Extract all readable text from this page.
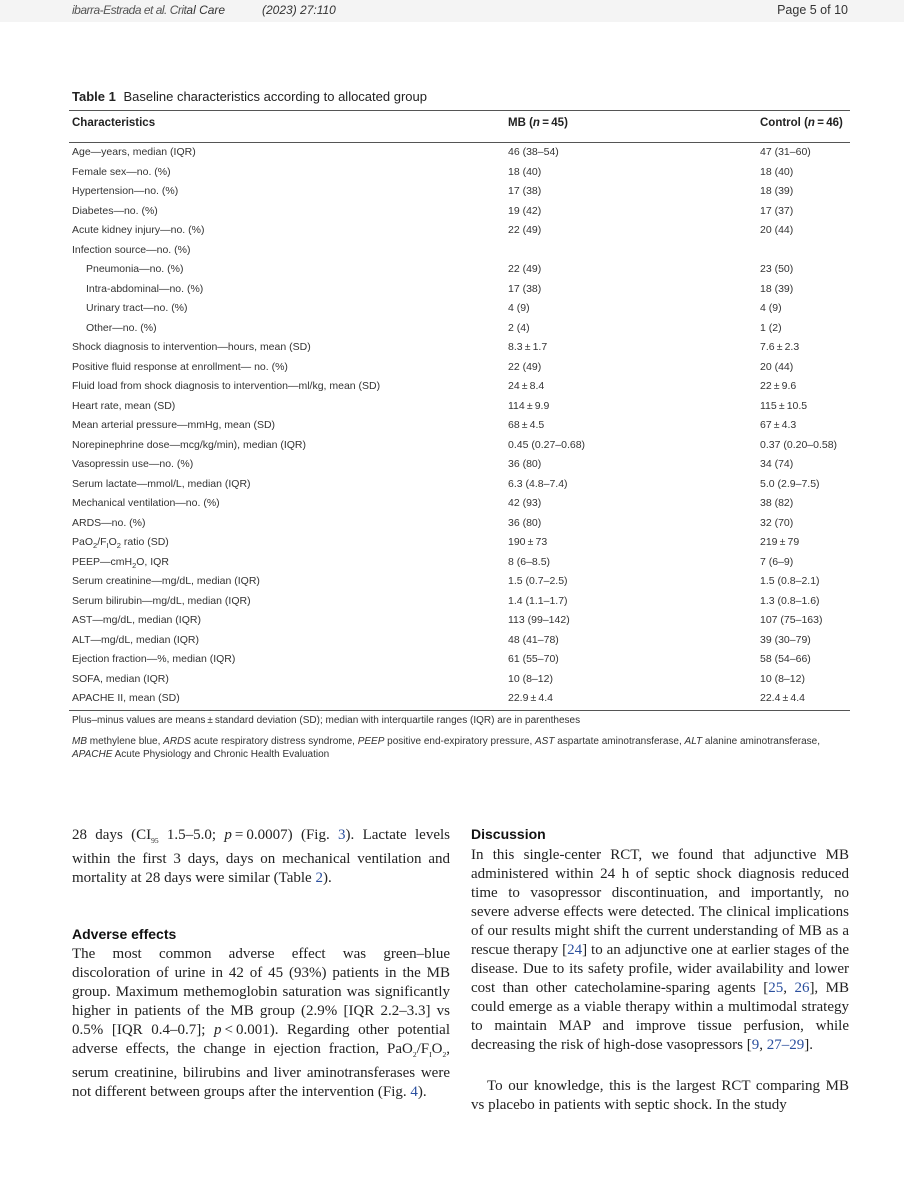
ibarra-Estrada et al. Crital Care	(2023) 27:110	Page 5 of 10
Table 1 Baseline characteristics according to allocated group
Characteristics	MB (n = 45)	Control (n = 46)
Age—years, median (IQR)	46 (38–54)	47 (31–60)
Female sex—no. (%)	18 (40)	18 (40)
Hypertension—no. (%)	17 (38)	18 (39)
Diabetes—no. (%)	19 (42)	17 (37)
Acute kidney injury—no. (%)	22 (49)	20 (44)
Infection source—no. (%)
Pneumonia—no. (%)	22 (49)	23 (50)
Intra-abdominal—no. (%)	17 (38)	18 (39)
Urinary tract—no. (%)	4 (9)	4 (9)
Other—no. (%)	2 (4)	1 (2)
Shock diagnosis to intervention—hours, mean (SD)	8.3 ± 1.7	7.6 ± 2.3
Positive fluid response at enrollment— no. (%)	22 (49)	20 (44)
Fluid load from shock diagnosis to intervention—ml/kg, mean (SD)	24 ± 8.4	22 ± 9.6
Heart rate, mean (SD)	114 ± 9.9	115 ± 10.5
Mean arterial pressure—mmHg, mean (SD)	68 ± 4.5	67 ± 4.3
Norepinephrine dose—mcg/kg/min), median (IQR)	0.45 (0.27–0.68)	0.37 (0.20–0.58)
Vasopressin use—no. (%)	36 (80)	34 (74)
Serum lactate—mmol/L, median (IQR)	6.3 (4.8–7.4)	5.0 (2.9–7.5)
Mechanical ventilation—no. (%)	42 (93)	38 (82)
ARDS—no. (%)	36 (80)	32 (70)
$PaO_2/F_IO_2$ ratio (SD)	190 ± 73	219 ± 79
PEEP—cmH$_2$O, IQR	8 (6–8.5)	7 (6–9)
Serum creatinine—mg/dL, median (IQR)	1.5 (0.7–2.5)	1.5 (0.8–2.1)
Serum bilirubin—mg/dL, median (IQR)	1.4 (1.1–1.7)	1.3 (0.8–1.6)
AST—mg/dL, median (IQR)	113 (99–142)	107 (75–163)
ALT—mg/dL, median (IQR)	48 (41–78)	39 (30–79)
Ejection fraction—%, median (IQR)	61 (55–70)	58 (54–66)
SOFA, median (IQR)	10 (8–12)	10 (8–12)
APACHE II, mean (SD)	22.9 ± 4.4	22.4 ± 4.4
Plus–minus values are means ± standard deviation (SD); median with interquartile ranges (IQR) are in parentheses
MB methylene blue, ARDS acute respiratory distress syndrome, PEEP positive end-expiratory pressure, AST aspartate aminotransferase, ALT alanine aminotransferase, APACHE Acute Physiology and Chronic Health Evaluation

28 days ($CI_{95}$ 1.5–5.0; p = 0.0007) (Fig. 3). Lactate levels within the first 3 days, days on mechanical ventilation and mortality at 28 days were similar (Table 2).

Adverse effects

The most common adverse effect was green–blue discoloration of urine in 42 of 45 (93%) patients in the MB group. Maximum methemoglobin saturation was significantly higher in patients of the MB group (2.9% [IQR 2.2–3.3] vs 0.5% [IQR 0.4–0.7]; p < 0.001). Regarding other potential adverse effects, the change in ejection fraction, $PaO_2/F_IO_2$, serum creatinine, bilirubins and liver aminotransferases were not different between groups after the intervention (Fig. 4).

Discussion

In this single-center RCT, we found that adjunctive MB administered within 24 h of septic shock diagnosis reduced time to vasopressor discontinuation, and importantly, no severe adverse effects were detected. The clinical implications of our results might shift the current understanding of MB as a rescue therapy [24] to an adjunctive one at earlier stages of the disease. Due to its safety profile, wider availability and lower cost than other catecholamine-sparing agents [25, 26], MB could emerge as a viable therapy within a multimodal strategy to maintain MAP and improve tissue perfusion, while decreasing the risk of high-dose vasopressors [9, 27–29].

To our knowledge, this is the largest RCT comparing MB vs placebo in patients with septic shock. In the study
